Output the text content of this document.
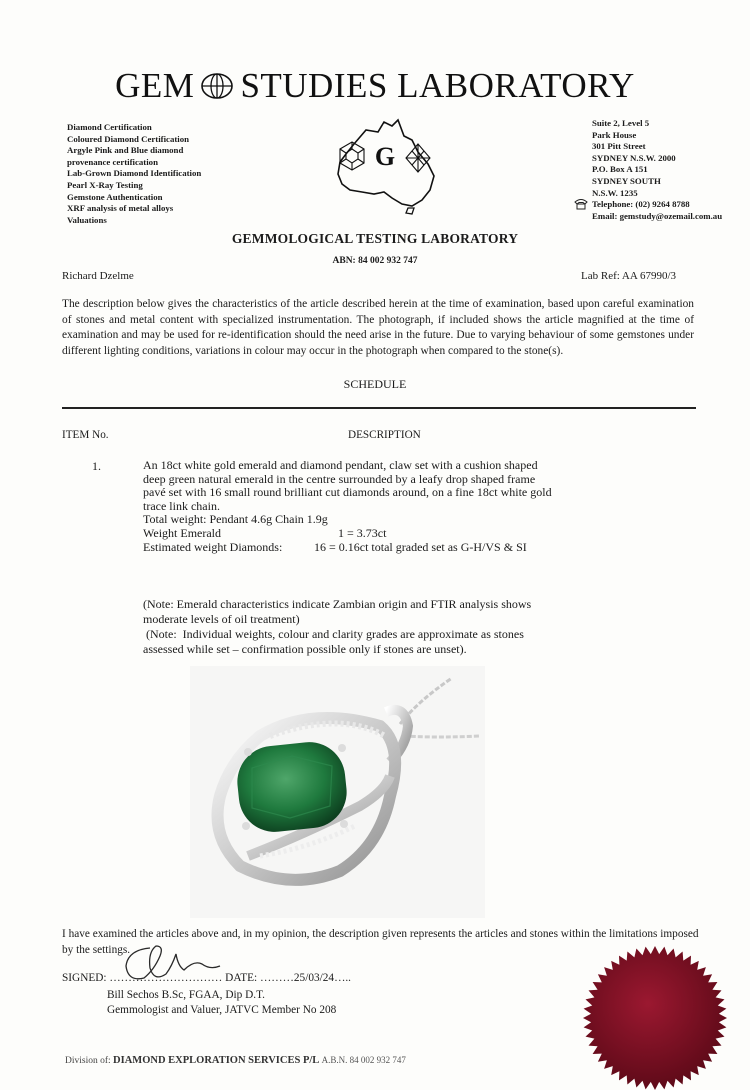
GEM STUDIES LABORATORY
Diamond Certification
Coloured Diamond Certification
Argyle Pink and Blue diamond
provenance certification
Lab-Grown Diamond Identification
Pearl X-Ray Testing
Gemstone Authentication
XRF analysis of metal alloys
Valuations
G
Suite 2, Level 5
Park House
301 Pitt Street
SYDNEY N.S.W. 2000
P.O. Box A 151
SYDNEY SOUTH
N.S.W. 1235
Telephone: (02) 9264 8788
Email: gemstudy@ozemail.com.au
GEMMOLOGICAL TESTING LABORATORY
ABN: 84 002 932 747
Richard Dzelme	Lab Ref: AA 67990/3
The description below gives the characteristics of the article described herein at the time of examination, based upon careful examination of stones and metal content with specialized instrumentation. The photograph, if included shows the article magnified at the time of examination and may be used for re-identification should the need arise in the future. Due to varying behaviour of some gemstones under different lighting conditions, variations in colour may occur in the photograph when compared to the stone(s).
SCHEDULE
ITEM No.	DESCRIPTION
1.	An 18ct white gold emerald and diamond pendant, claw set with a cushion shaped
deep green natural emerald in the centre surrounded by a leafy drop shaped frame
pavé set with 16 small round brilliant cut diamonds around, on a fine 18ct white gold
trace link chain.
Total weight: Pendant 4.6g Chain 1.9g
Weight Emerald	1 = 3.73ct
Estimated weight Diamonds:	16 = 0.16ct total graded set as G-H/VS & SI
(Note: Emerald characteristics indicate Zambian origin and FTIR analysis shows
moderate levels of oil treatment)
(Note:  Individual weights, colour and clarity grades are approximate as stones
assessed while set – confirmation possible only if stones are unset).
I have examined the articles above and, in my opinion, the description given represents the articles and stones within the limitations imposed by the settings.
SIGNED: ………………………… DATE: ………25/03/24…..
Bill Sechos B.Sc, FGAA, Dip D.T.
Gemmologist and Valuer, JATVC Member No 208
Division of: DIAMOND EXPLORATION SERVICES P/L A.B.N. 84 002 932 747
